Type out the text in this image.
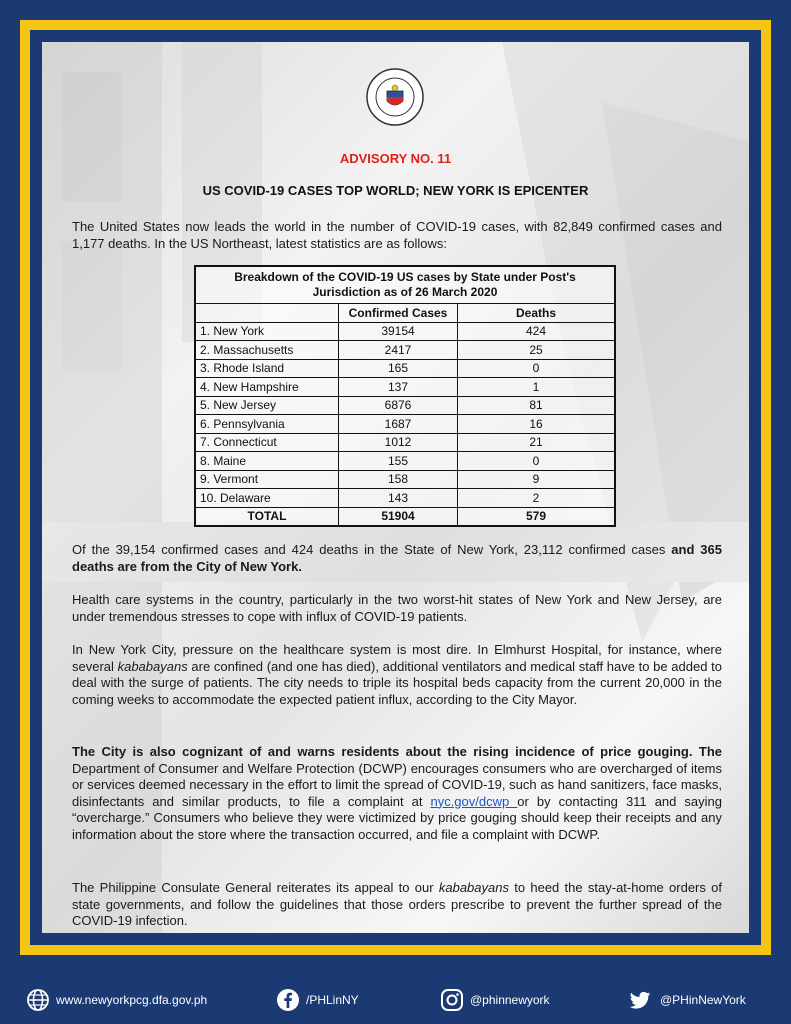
ADVISORY NO. 11
US COVID-19 CASES TOP WORLD; NEW YORK IS EPICENTER
The United States now leads the world in the number of COVID-19 cases, with 82,849 confirmed cases and 1,177 deaths. In the US Northeast, latest statistics are as follows:
Breakdown of the COVID-19 US cases by State under Post's Jurisdiction as of 26 March 2020		
	Confirmed Cases	Deaths
1. New York	39154	424
2. Massachusetts	2417	25
3. Rhode Island	165	0
4. New Hampshire	137	1
5. New Jersey	6876	81
6. Pennsylvania	1687	16
7. Connecticut	1012	21
8. Maine	155	0
9. Vermont	158	9
10. Delaware	143	2
TOTAL	51904	579
Of the 39,154 confirmed cases and 424 deaths in the State of New York, 23,112 confirmed cases and 365 deaths are from the City of New York.
Health care systems in the country, particularly in the two worst-hit states of New York and New Jersey, are under tremendous stresses to cope with influx of COVID-19 patients.
In New York City, pressure on the healthcare system is most dire. In Elmhurst Hospital, for instance, where several kababayans are confined (and one has died), additional ventilators and medical staff have to be added to deal with the surge of patients. The city needs to triple its hospital beds capacity from the current 20,000 in the coming weeks to accommodate the expected patient influx, according to the City Mayor.
The City is also cognizant of and warns residents about the rising incidence of price gouging. The Department of Consumer and Welfare Protection (DCWP) encourages consumers who are overcharged of items or services deemed necessary in the effort to limit the spread of COVID-19, such as hand sanitizers, face masks, disinfectants and similar products, to file a complaint at nyc.gov/dcwp or by contacting 311 and saying “overcharge.” Consumers who believe they were victimized by price gouging should keep their receipts and any information about the store where the transaction occurred, and file a complaint with DCWP.
The Philippine Consulate General reiterates its appeal to our kababayans to heed the stay-at-home orders of state governments, and follow the guidelines that those orders prescribe to prevent the further spread of the COVID-19 infection.
www.newyorkpcg.dfa.gov.ph	/PHLinNY	@phinnewyork	@PHinNewYork
